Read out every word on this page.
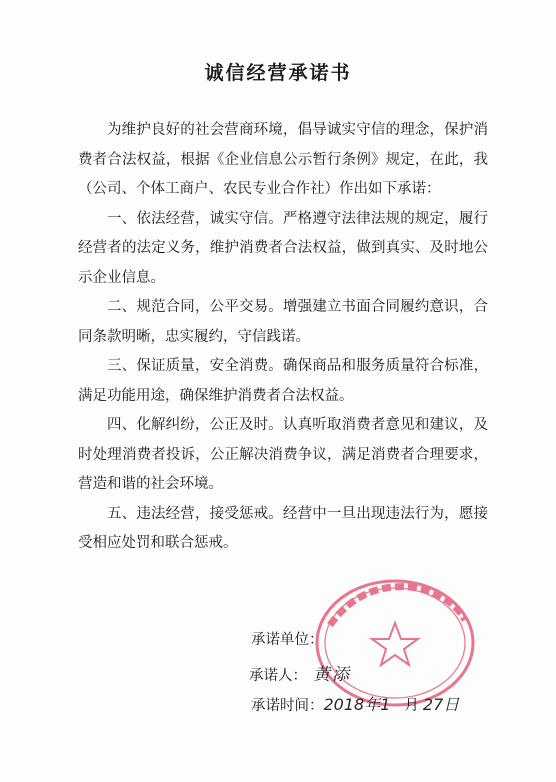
诚信经营承诺书

为维护良好的社会营商环境，倡导诚实守信的理念，保护消费者合法权益，根据《企业信息公示暂行条例》规定，在此，我（公司、个体工商户、农民专业合作社）作出如下承诺：

一、依法经营，诚实守信。严格遵守法律法规的规定，履行经营者的法定义务，维护消费者合法权益，做到真实、及时地公示企业信息。

二、规范合同，公平交易。增强建立书面合同履约意识，合同条款明晰，忠实履约，守信践诺。

三、保证质量，安全消费。确保商品和服务质量符合标准，满足功能用途，确保维护消费者合法权益。

四、化解纠纷，公正及时。认真听取消费者意见和建议，及时处理消费者投诉，公正解决消费争议，满足消费者合理要求，营造和谐的社会环境。

五、违法经营，接受惩戒。经营中一旦出现违法行为，愿接受相应处罚和联合惩戒。

承诺单位：
承诺人： 黄添
承诺时间：2018年1 月 27日
